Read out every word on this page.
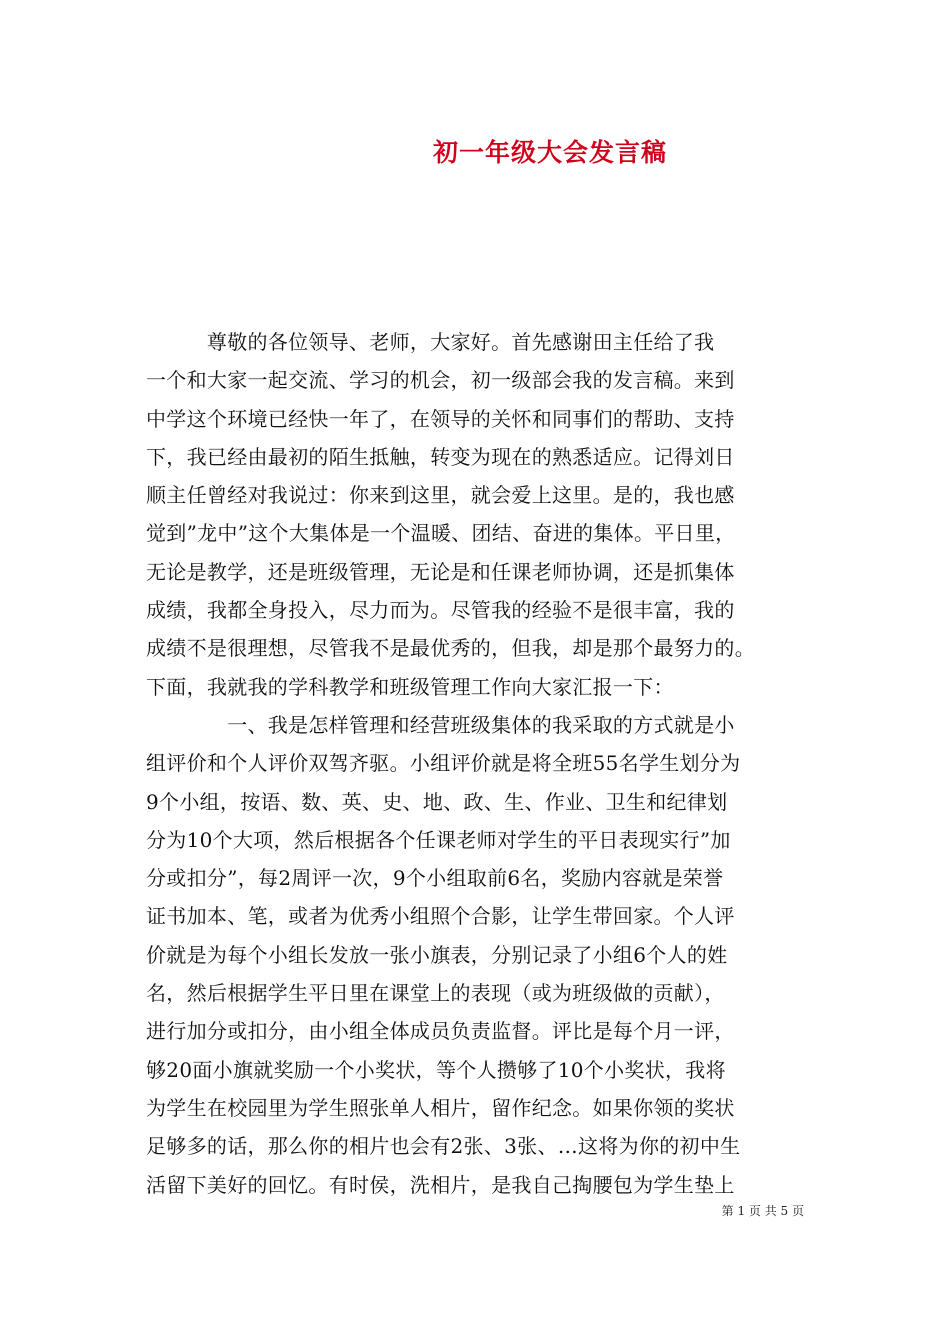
初一年级大会发言稿
　　　尊敬的各位领导、老师，大家好。首先感谢田主任给了我
一个和大家一起交流、学习的机会，初一级部会我的发言稿。来到
中学这个环境已经快一年了，在领导的关怀和同事们的帮助、支持
下，我已经由最初的陌生抵触，转变为现在的熟悉适应。记得刘日
顺主任曾经对我说过：你来到这里，就会爱上这里。是的，我也感
觉到”龙中”这个大集体是一个温暖、团结、奋进的集体。平日里，
无论是教学，还是班级管理，无论是和任课老师协调，还是抓集体
成绩，我都全身投入，尽力而为。尽管我的经验不是很丰富，我的
成绩不是很理想，尽管我不是最优秀的，但我，却是那个最努力的。
下面，我就我的学科教学和班级管理工作向大家汇报一下：
　　　　一、我是怎样管理和经营班级集体的我采取的方式就是小
组评价和个人评价双驾齐驱。小组评价就是将全班55名学生划分为
9个小组，按语、数、英、史、地、政、生、作业、卫生和纪律划
分为10个大项，然后根据各个任课老师对学生的平日表现实行”加
分或扣分”，每2周评一次，9个小组取前6名，奖励内容就是荣誉
证书加本、笔，或者为优秀小组照个合影，让学生带回家。个人评
价就是为每个小组长发放一张小旗表，分别记录了小组6个人的姓
名，然后根据学生平日里在课堂上的表现（或为班级做的贡献），
进行加分或扣分，由小组全体成员负责监督。评比是每个月一评，
够20面小旗就奖励一个小奖状，等个人攒够了10个小奖状，我将
为学生在校园里为学生照张单人相片，留作纪念。如果你领的奖状
足够多的话，那么你的相片也会有2张、3张、…这将为你的初中生
活留下美好的回忆。有时侯，洗相片，是我自己掏腰包为学生垫上
第 1 页 共 5 页
